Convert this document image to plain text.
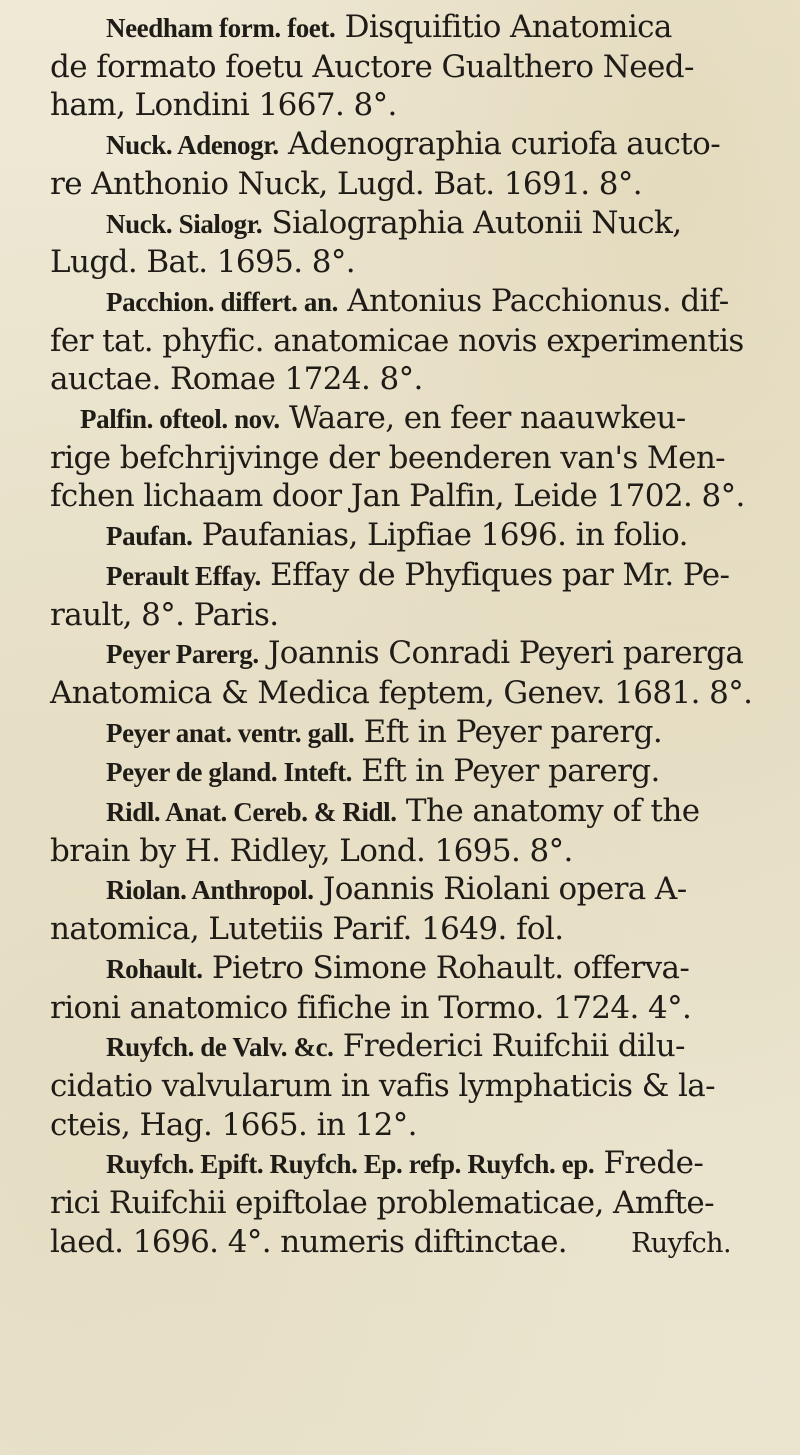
Needham form. foet. Disquifitio Anatomica
de formato foetu Auctore Gualthero Need-
ham, Londini 1667. 8°.
Nuck. Adenogr. Adenographia curiofa aucto-
re Anthonio Nuck, Lugd. Bat. 1691. 8°.
Nuck. Sialogr. Sialographia Autonii Nuck,
Lugd. Bat. 1695. 8°.
Pacchion. differt. an. Antonius Pacchionus. dif-
fer tat. phyfic. anatomicae novis experimentis
auctae. Romae 1724. 8°.
Palfin. ofteol. nov. Waare, en feer naauwkeu-
rige befchrijvinge der beenderen van's Men-
fchen lichaam door Jan Palfin, Leide 1702. 8°.
Paufan. Paufanias, Lipfiae 1696. in folio.
Perault Effay. Effay de Phyfiques par Mr. Pe-
rault, 8°. Paris.
Peyer Parerg. Joannis Conradi Peyeri parerga
Anatomica & Medica feptem, Genev. 1681. 8°.
Peyer anat. ventr. gall. Eft in Peyer parerg.
Peyer de gland. Inteft. Eft in Peyer parerg.
Ridl. Anat. Cereb. & Ridl. The anatomy of the
brain by H. Ridley, Lond. 1695. 8°.
Riolan. Anthropol. Joannis Riolani opera A-
natomica, Lutetiis Parif. 1649. fol.
Rohault. Pietro Simone Rohault. offerva-
rioni anatomico fifiche in Tormo. 1724. 4°.
Ruyfch. de Valv. &c. Frederici Ruifchii dilu-
cidatio valvularum in vafis lymphaticis & la-
cteis, Hag. 1665. in 12°.
Ruyfch. Epift. Ruyfch. Ep. refp. Ruyfch. ep. Frede-
rici Ruifchii epiftolae problematicae, Amfte-
laed. 1696. 4°. numeris diftinctae. Ruyfch.
